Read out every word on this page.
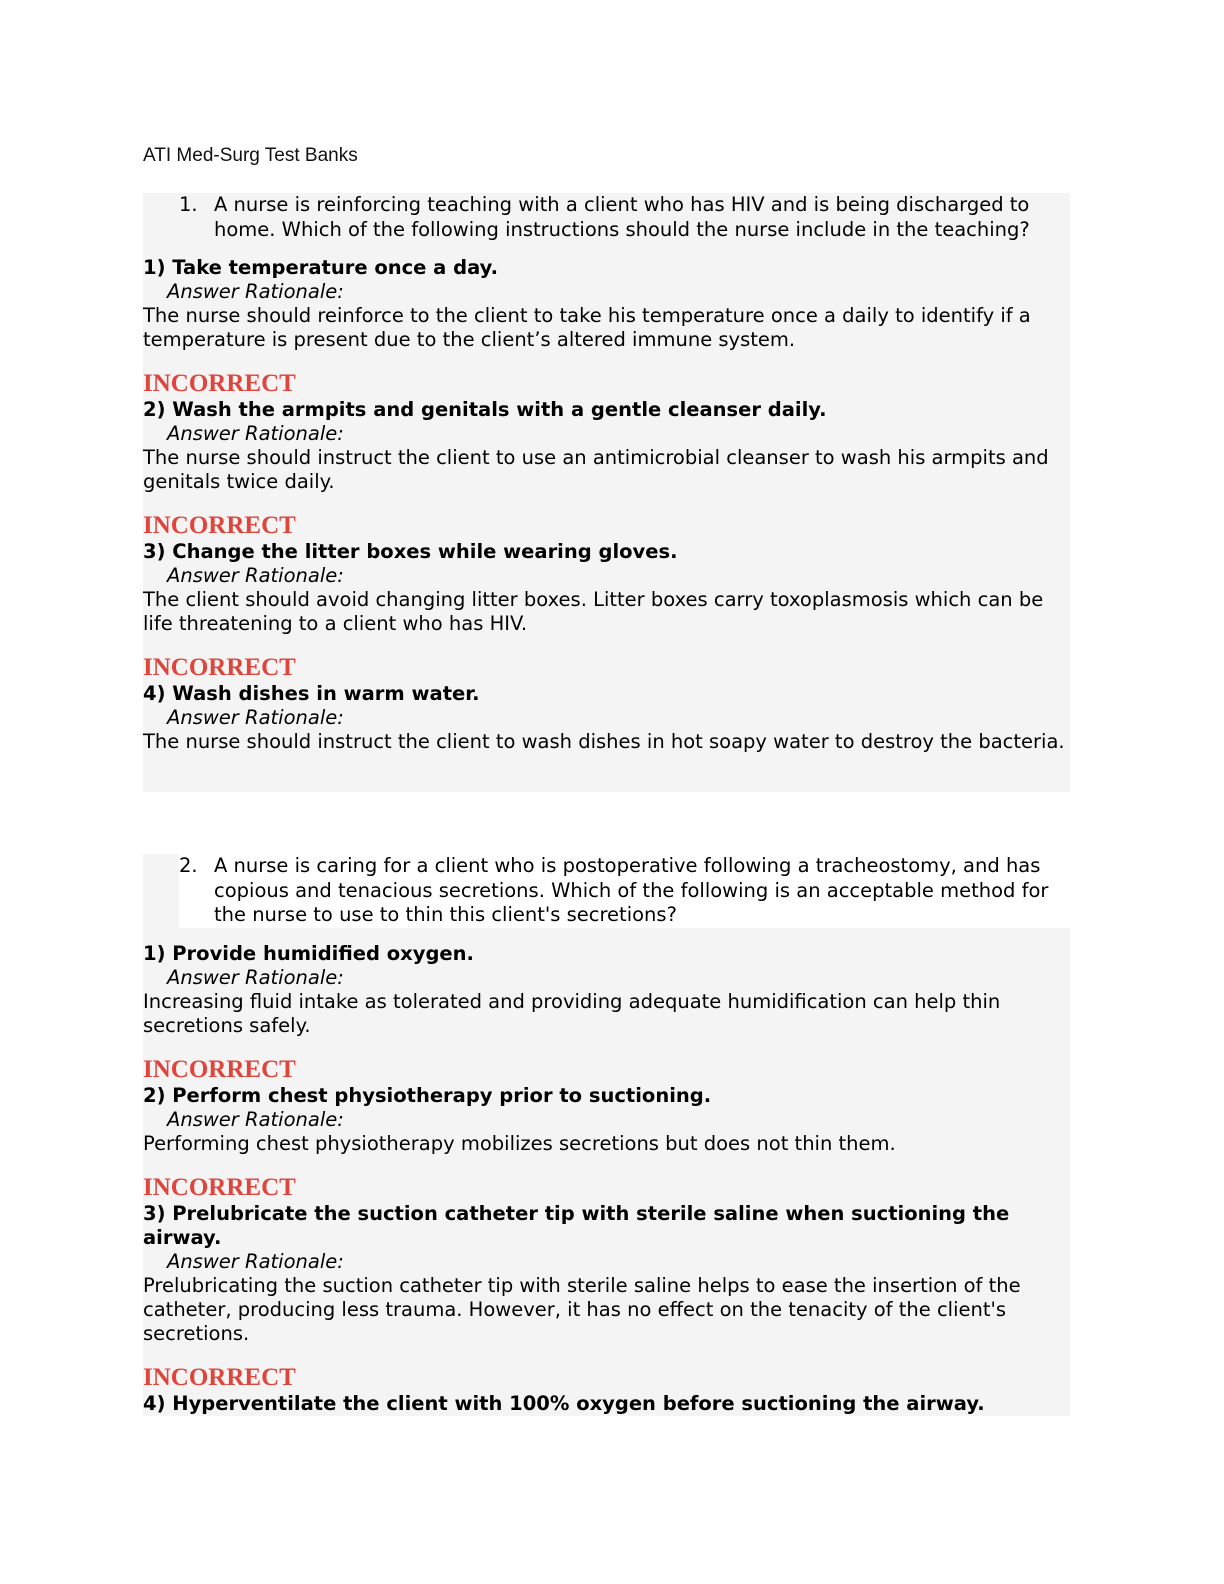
ATI Med-Surg Test Banks
1. A nurse is reinforcing teaching with a client who has HIV and is being discharged to home. Which of the following instructions should the nurse include in the teaching?
1) Take temperature once a day.
Answer Rationale:
The nurse should reinforce to the client to take his temperature once a daily to identify if a temperature is present due to the client’s altered immune system.
INCORRECT
2) Wash the armpits and genitals with a gentle cleanser daily.
Answer Rationale:
The nurse should instruct the client to use an antimicrobial cleanser to wash his armpits and genitals twice daily.
INCORRECT
3) Change the litter boxes while wearing gloves.
Answer Rationale:
The client should avoid changing litter boxes. Litter boxes carry toxoplasmosis which can be life threatening to a client who has HIV.
INCORRECT
4) Wash dishes in warm water.
Answer Rationale:
The nurse should instruct the client to wash dishes in hot soapy water to destroy the bacteria.
2. A nurse is caring for a client who is postoperative following a tracheostomy, and has copious and tenacious secretions. Which of the following is an acceptable method for the nurse to use to thin this client's secretions?
1) Provide humidified oxygen.
Answer Rationale:
Increasing fluid intake as tolerated and providing adequate humidification can help thin secretions safely.
INCORRECT
2) Perform chest physiotherapy prior to suctioning.
Answer Rationale:
Performing chest physiotherapy mobilizes secretions but does not thin them.
INCORRECT
3) Prelubricate the suction catheter tip with sterile saline when suctioning the airway.
Answer Rationale:
Prelubricating the suction catheter tip with sterile saline helps to ease the insertion of the catheter, producing less trauma. However, it has no effect on the tenacity of the client's secretions.
INCORRECT
4) Hyperventilate the client with 100% oxygen before suctioning the airway.
